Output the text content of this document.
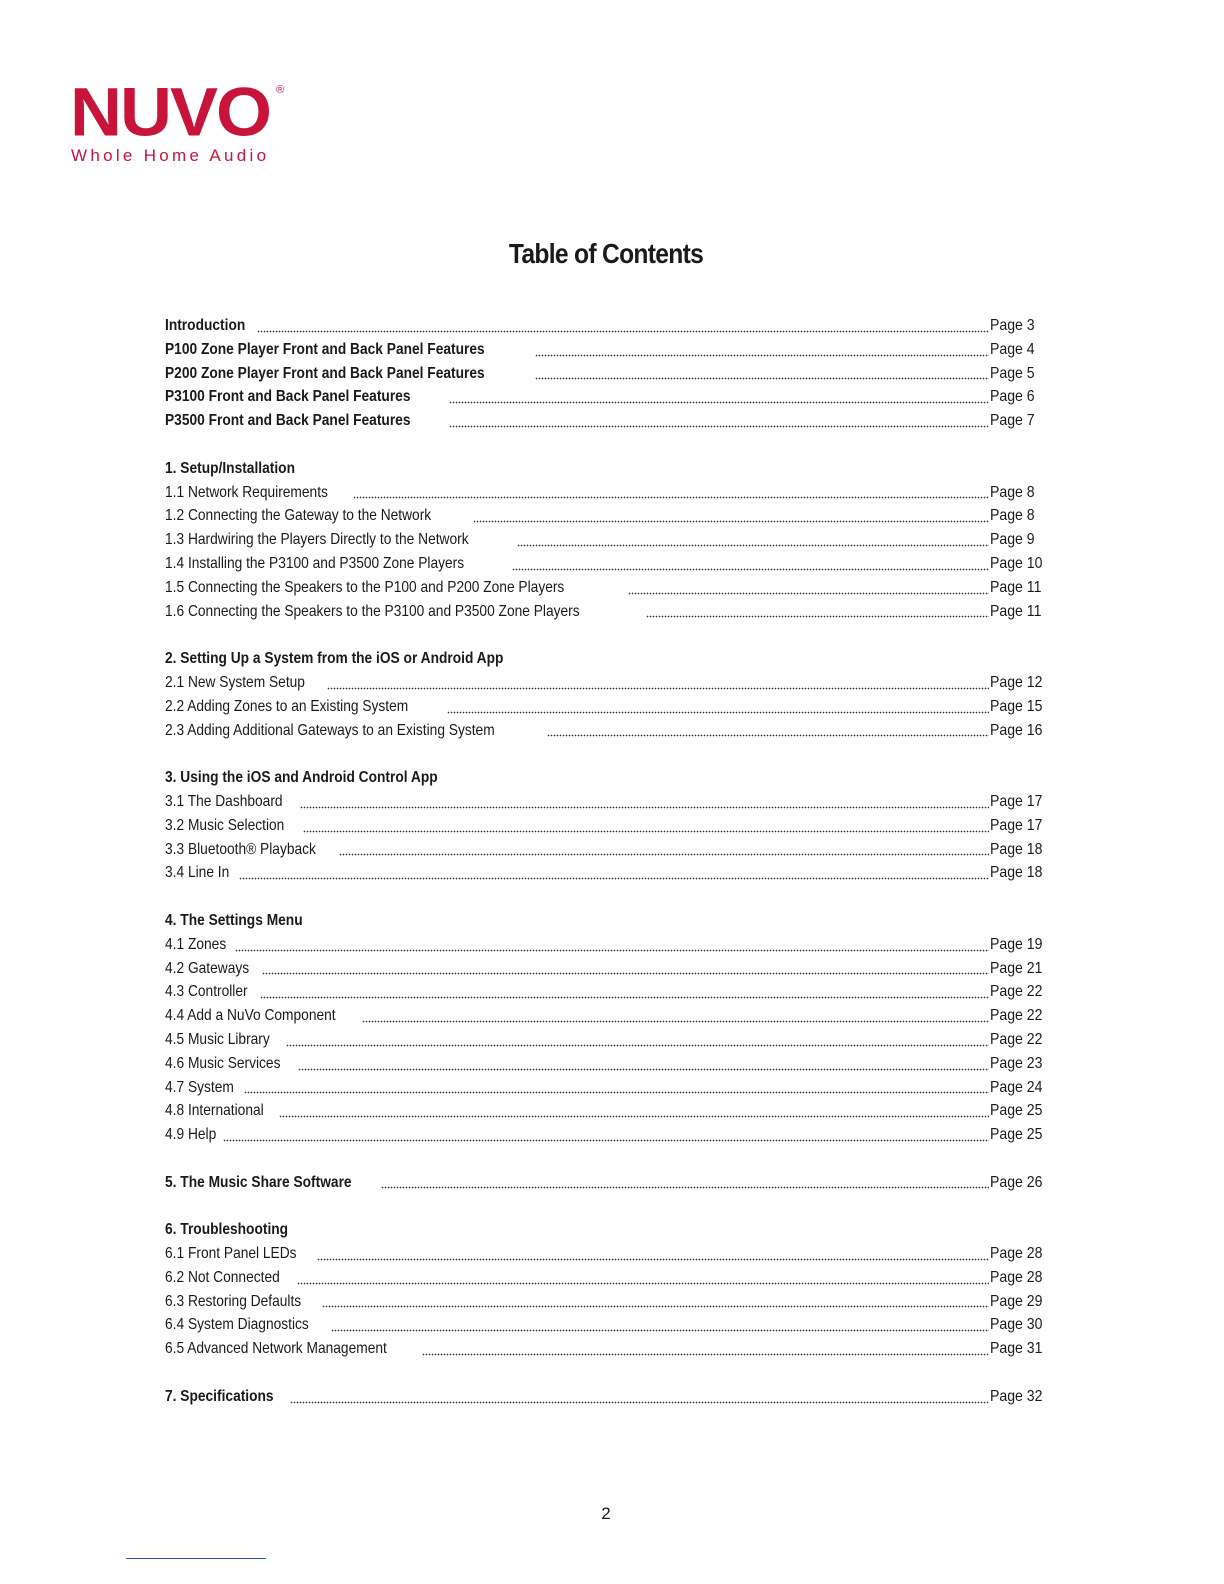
NUVO ®
Whole Home Audio
Table of Contents
Introduction	Page 3
P100 Zone Player Front and Back Panel Features	Page 4
P200 Zone Player Front and Back Panel Features	Page 5
P3100 Front and Back Panel Features	Page 6
P3500 Front and Back Panel Features	Page 7
1. Setup/Installation
1.1 Network Requirements	Page 8
1.2 Connecting the Gateway to the Network	Page 8
1.3 Hardwiring the Players Directly to the Network	Page 9
1.4 Installing the P3100 and P3500 Zone Players	Page 10
1.5 Connecting the Speakers to the P100 and P200 Zone Players	Page 11
1.6 Connecting the Speakers to the P3100 and P3500 Zone Players	Page 11
2. Setting Up a System from the iOS or Android App
2.1 New System Setup	Page 12
2.2 Adding Zones to an Existing System	Page 15
2.3 Adding Additional Gateways to an Existing System	Page 16
3. Using the iOS and Android Control App
3.1 The Dashboard	Page 17
3.2 Music Selection	Page 17
3.3 Bluetooth® Playback	Page 18
3.4 Line In	Page 18
4. The Settings Menu
4.1 Zones	Page 19
4.2 Gateways	Page 21
4.3 Controller	Page 22
4.4 Add a NuVo Component	Page 22
4.5 Music Library	Page 22
4.6 Music Services	Page 23
4.7 System	Page 24
4.8 International	Page 25
4.9 Help	Page 25
5. The Music Share Software	Page 26
6. Troubleshooting
6.1 Front Panel LEDs	Page 28
6.2 Not Connected	Page 28
6.3 Restoring Defaults	Page 29
6.4 System Diagnostics	Page 30
6.5 Advanced Network Management	Page 31
7. Specifications	Page 32
2
